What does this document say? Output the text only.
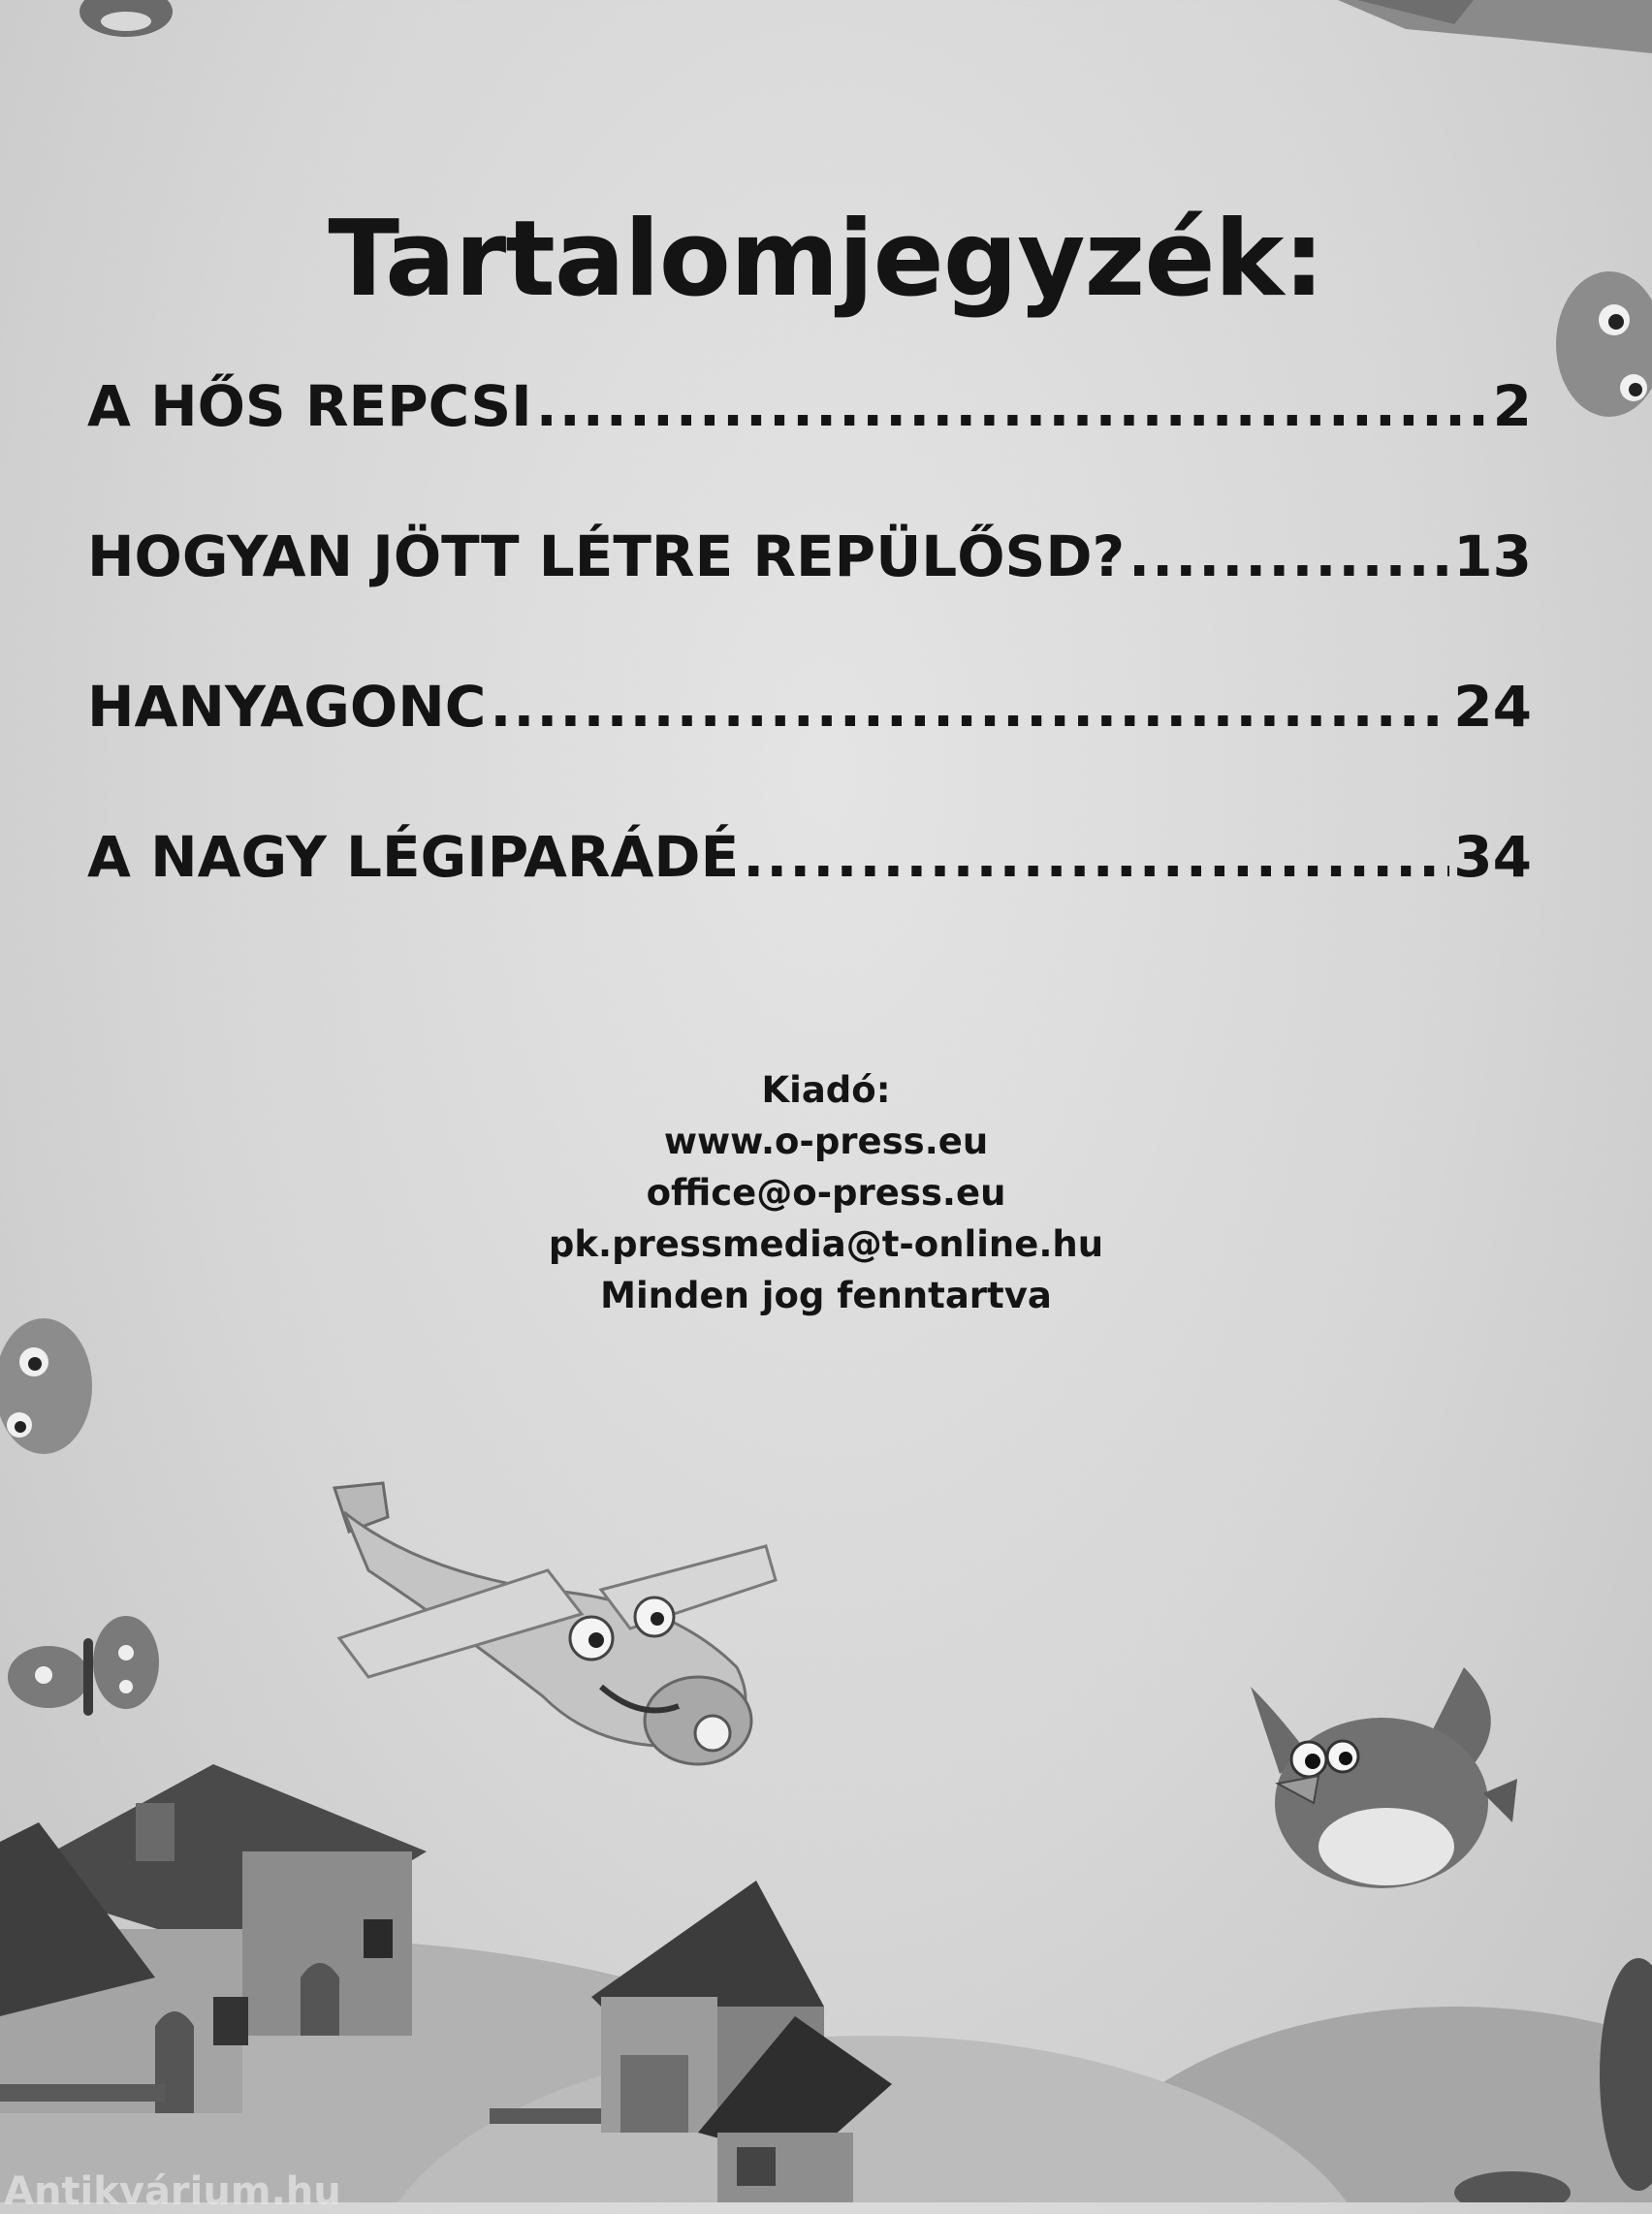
Tartalomjegyzék:
A HŐS REPCSI .....	2
HOGYAN JÖTT LÉTRE REPÜLŐSD? .....	13
HANYAGONC .....	24
A NAGY LÉGIPARÁDÉ .....	34
Kiadó:
www.o-press.eu
office@o-press.eu
pk.pressmedia@t-online.hu
Minden jog fenntartva
Antikvárium.hu
